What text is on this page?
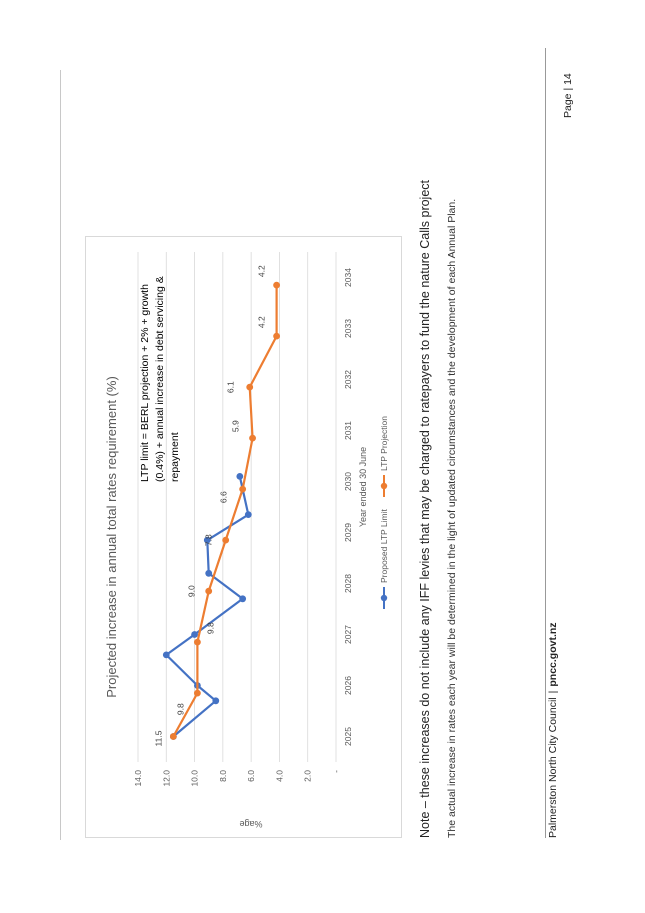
Projected increase in annual total rates requirement (%)
-
2.0
4.0
6.0
8.0
10.0
12.0
14.0
2025
2026
2027
2028
2029
2030
2031
2032
2033
2034
%age
Year ended 30 June
11.5
9.8
9.8
9.0
7.8
6.6
5.9
6.1
4.2
4.2
LTP limit = BERL projection + 2% + growth (0.4%) + annual increase in debt servicing & repayment
Proposed LTP Limit
LTP Projection Note – these increases do not include any IFF levies that may be charged to ratepayers to fund the nature Calls project The actual increase in rates each year will be determined in the light of updated circumstances and the development of each Annual Plan.	Palmerston North City Council|pncc.govt.nz
Page | 14
